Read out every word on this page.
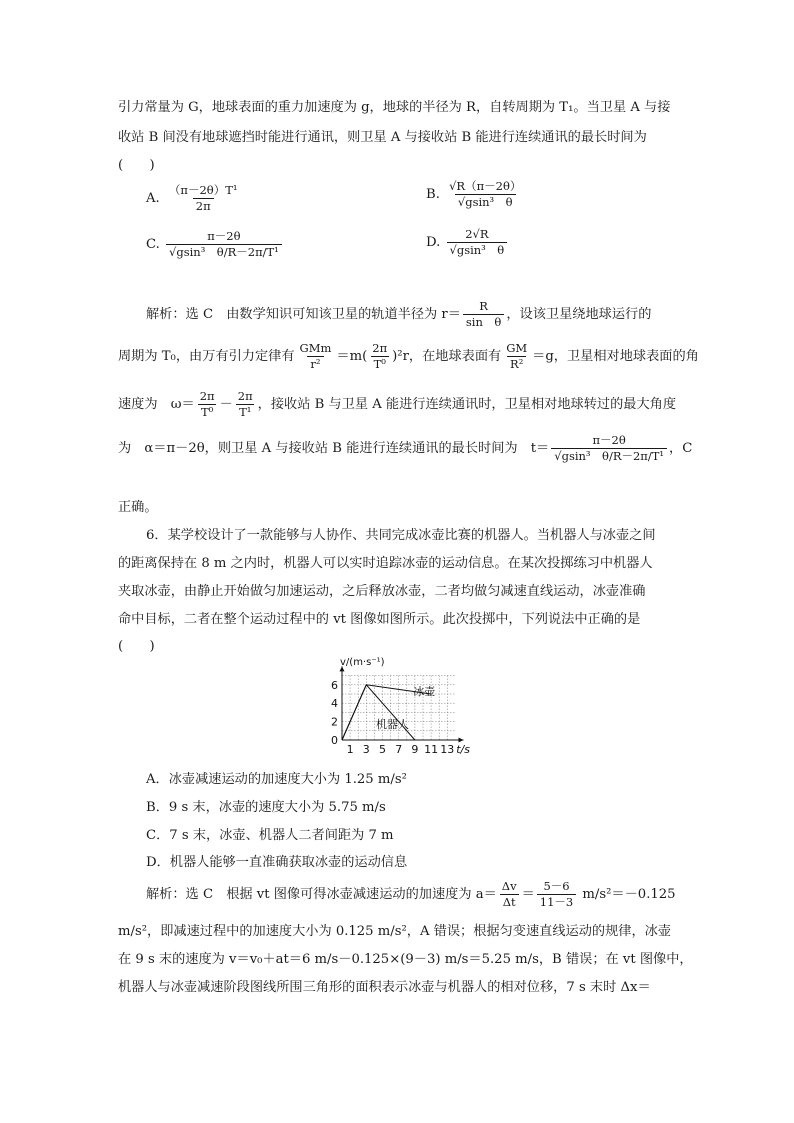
引力常量为 G，地球表面的重力加速度为 g，地球的半径为 R，自转周期为 T₁。当卫星 A 与接
收站 B 间没有地球遮挡时能进行通讯，则卫星 A 与接收站 B 能进行连续通讯的最长时间为
(　　)
A. $\frac{\text{（π－2θ）T¹}}{2\pi}$	B. $\frac{√R(\pi-2\theta)}{\text{√gsin³　θ}}$
C. $\frac{\pi-2\theta}{\text{√gsin³　θ/R－2π/T¹}}$	D. $\frac{2√R}{\text{√gsin³　θ}}$
解析：选 C　由数学知识可知该卫星的轨道半径为 $r= \frac{R}{\text{sin　θ}}$ ，设该卫星绕地球运行的
周期为 T₀，由万有引力定律有 $\frac{\text{GMm}}{\text{r²}} =m( \frac{2\pi}{\text{T⁰}} )^2r$，在地球表面有 $\frac{GM}{\text{R²}} =g$，卫星相对地球表面的角
速度为　$\omega= \frac{2\pi}{\text{T⁰}} - \frac{2\pi}{\text{T¹}}$ ，接收站 B 与卫星 A 能进行连续通讯时，卫星相对地球转过的最大角度
为　α＝π－2θ，则卫星 A 与接收站 B 能进行连续通讯的最长时间为　$t= \frac{\pi-2\theta}{\text{√gsin³　θ/R－2π/T¹}}$ ，C
正确。
6．某学校设计了一款能够与人协作、共同完成冰壶比赛的机器人。当机器人与冰壶之间
的距离保持在 8 m 之内时，机器人可以实时追踪冰壶的运动信息。在某次投掷练习中机器人
夹取冰壶，由静止开始做匀加速运动，之后释放冰壶，二者均做匀减速直线运动，冰壶准确
命中目标，二者在整个运动过程中的 vt 图像如图所示。此次投掷中，下列说法中正确的是
(　　)
1 3 5 7 9 11 13
0
2
4
6
v/(m·s⁻¹)
t/s
冰壶
机器人
A．冰壶减速运动的加速度大小为 1.25 m/s²
B．9 s 末，冰壶的速度大小为 5.75 m/s
C．7 s 末，冰壶、机器人二者间距为 7 m
D．机器人能够一直准确获取冰壶的运动信息
解析：选 C　根据 vt 图像可得冰壶减速运动的加速度为 $a= \frac{\Delta v}{\Delta t} = \frac{5-6}{11-3} m/s^2=-0.125$
m/s²，即减速过程中的加速度大小为 0.125 m/s²，A 错误；根据匀变速直线运动的规律，冰壶
在 9 s 末的速度为 v＝v₀＋at＝6 m/s－0.125×(9－3) m/s＝5.25 m/s，B 错误；在 vt 图像中，
机器人与冰壶减速阶段图线所围三角形的面积表示冰壶与机器人的相对位移，7 s 末时 Δx＝
